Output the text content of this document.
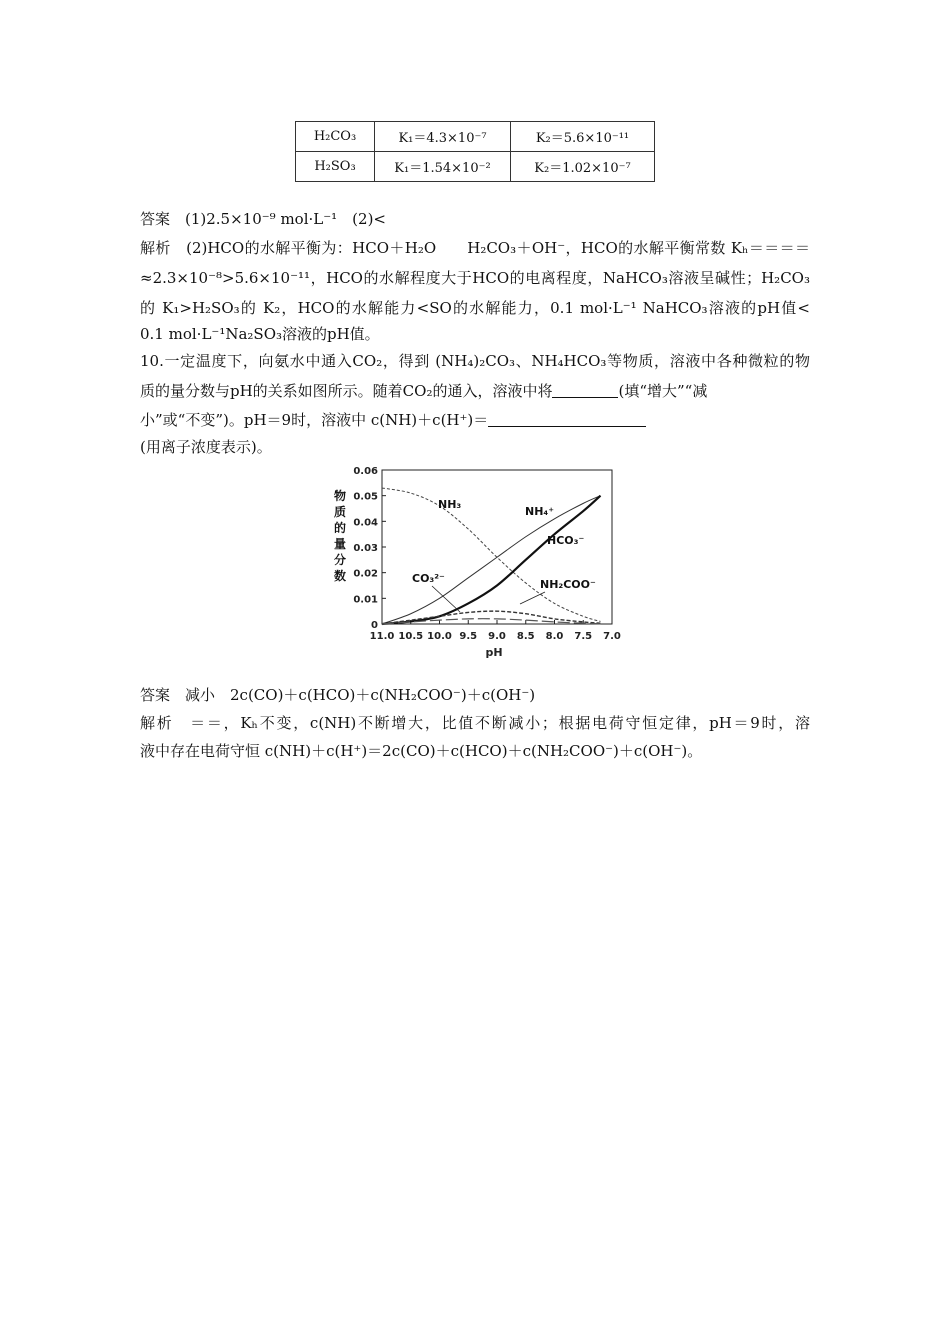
H₂CO₃	K₁＝4.3×10⁻⁷	K₂＝5.6×10⁻¹¹
H₂SO₃	K₁＝1.54×10⁻²	K₂＝1.02×10⁻⁷
答案　(1)2.5×10⁻⁹ mol·L⁻¹　(2)<
解析　(2)HCO的水解平衡为：HCO＋H₂O　　H₂CO₃＋OH⁻，HCO的水解平衡常数 Kₕ＝＝＝＝
≈2.3×10⁻⁸>5.6×10⁻¹¹，HCO的水解程度大于HCO的电离程度，NaHCO₃溶液呈碱性；H₂CO₃
的 K₁>H₂SO₃的 K₂，HCO的水解能力<SO的水解能力，0.1 mol·L⁻¹ NaHCO₃溶液的pH值<
0.1 mol·L⁻¹Na₂SO₃溶液的pH值。
10.一定温度下，向氨水中通入CO₂，得到 (NH₄)₂CO₃、NH₄HCO₃等物质，溶液中各种微粒的物
质的量分数与pH的关系如图所示。随着CO₂的通入，溶液中将	(填“增大”“减
小”或“不变”)。pH＝9时，溶液中 c(NH)＋c(H⁺)＝
(用离子浓度表示)。
0
0.01
0.02
0.03
0.04
0.05
0.06
11.0 10.5 10.0 9.5 9.0 8.5 8.0 7.5 7.0
pH
NH₃
NH₄⁺
HCO₃⁻
NH₂COO⁻
CO₃²⁻
物质的量分数
答案　减小　2c(CO)＋c(HCO)＋c(NH₂COO⁻)＋c(OH⁻)
解析　＝＝，Kₕ不变，c(NH)不断增大，比值不断减小；根据电荷守恒定律，pH＝9时，溶
液中存在电荷守恒 c(NH)＋c(H⁺)＝2c(CO)＋c(HCO)＋c(NH₂COO⁻)＋c(OH⁻)。
